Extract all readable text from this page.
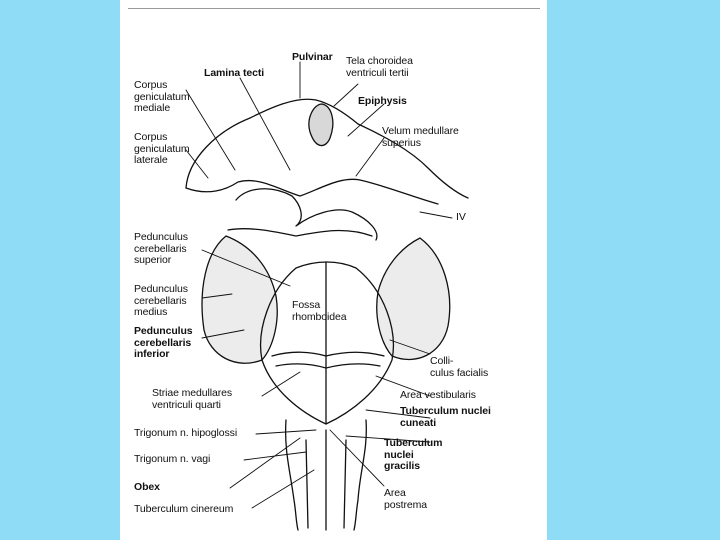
Pulvinar Tela choroidea
ventriculi tertii
Lamina tecti
Corpus
geniculatum
mediale
Epiphysis
Velum medullare
superius
Corpus
geniculatum
laterale
IV
Pedunculus
cerebellaris
superior
Pedunculus
cerebellaris
medius
Fossa
rhomboidea
Pedunculus
cerebellaris
inferior
Colli-
culus facialis
Striae medullares
ventriculi quarti
Area vestibularis
Tuberculum nuclei
cuneati
Trigonum n. hipoglossi
Tuberculum
nuclei
gracilis
Trigonum n. vagi
Obex	Area
postrema
Tuberculum cinereum
